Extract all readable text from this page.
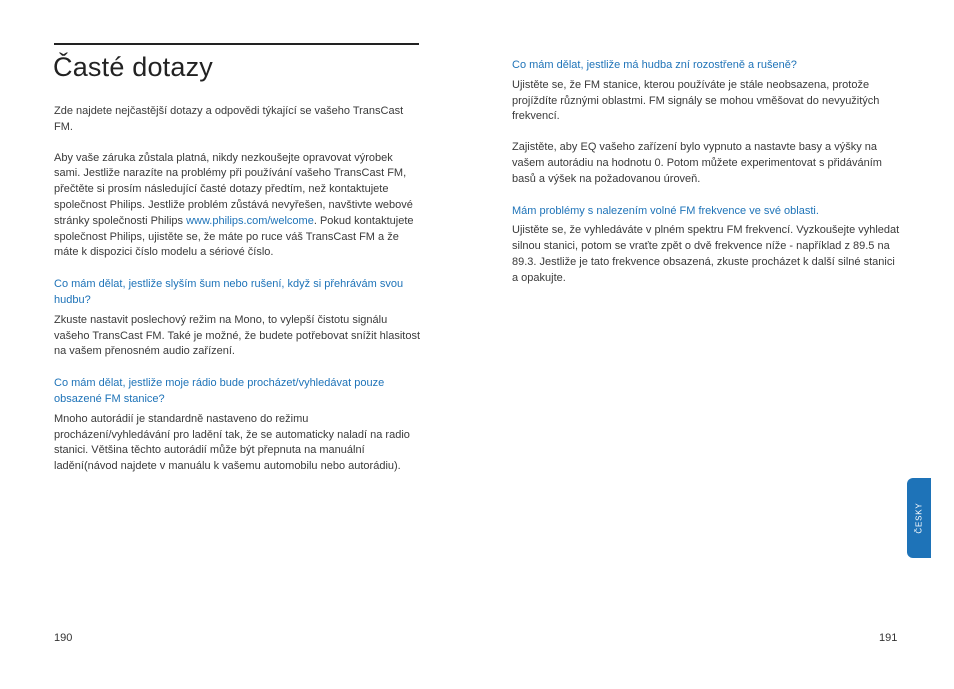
Časté dotazy

Zde najdete nejčastější dotazy a odpovědi týkající se vašeho TransCast FM.

Aby vaše záruka zůstala platná, nikdy nezkoušejte opravovat výrobek sami. Jestliže narazíte na problémy při používání vašeho TransCast FM, přečtěte si prosím následující časté dotazy předtím, než kontaktujete společnost Philips. Jestliže problém zůstává nevyřešen, navštivte webové stránky společnosti Philips www.philips.com/welcome. Pokud kontaktujete společnost Philips, ujistěte se, že máte po ruce váš TransCast FM a že máte k dispozici číslo modelu a sériové číslo.

Co mám dělat, jestliže slyším šum nebo rušení, když si přehrávám svou hudbu?

Zkuste nastavit poslechový režim na Mono, to vylepší čistotu signálu vašeho TransCast FM. Také je možné, že budete potřebovat snížit hlasitost na vašem přenosném audio zařízení.

Co mám dělat, jestliže moje rádio bude procházet/vyhledávat pouze obsazené FM stanice?

Mnoho autorádií je standardně nastaveno do režimu procházení/vyhledávání pro ladění tak, že se automaticky naladí na radio stanici. Většina těchto autorádií může být přepnuta na manuální ladění(návod najdete v manuálu k vašemu automobilu nebo autorádiu).

190

Co mám dělat, jestliže má hudba zní rozostřeně a rušeně?

Ujistěte se, že FM stanice, kterou používáte je stále neobsazena, protože projíždíte různými oblastmi. FM signály se mohou vměšovat do nevyužitých frekvencí.

Zajistěte, aby EQ vašeho zařízení bylo vypnuto a nastavte basy a výšky na vašem autorádiu na hodnotu 0. Potom můžete experimentovat s přidáváním basů a výšek na požadovanou úroveň.

Mám problémy s nalezením volné FM frekvence ve své oblasti.

Ujistěte se, že vyhledáváte v plném spektru FM frekvencí. Vyzkoušejte vyhledat silnou stanici, potom se vraťte zpět o dvě frekvence níže - například z 89.5 na 89.3. Jestliže je tato frekvence obsazená, zkuste procházet k další silné stanici a opakujte.

ČESKY
191
